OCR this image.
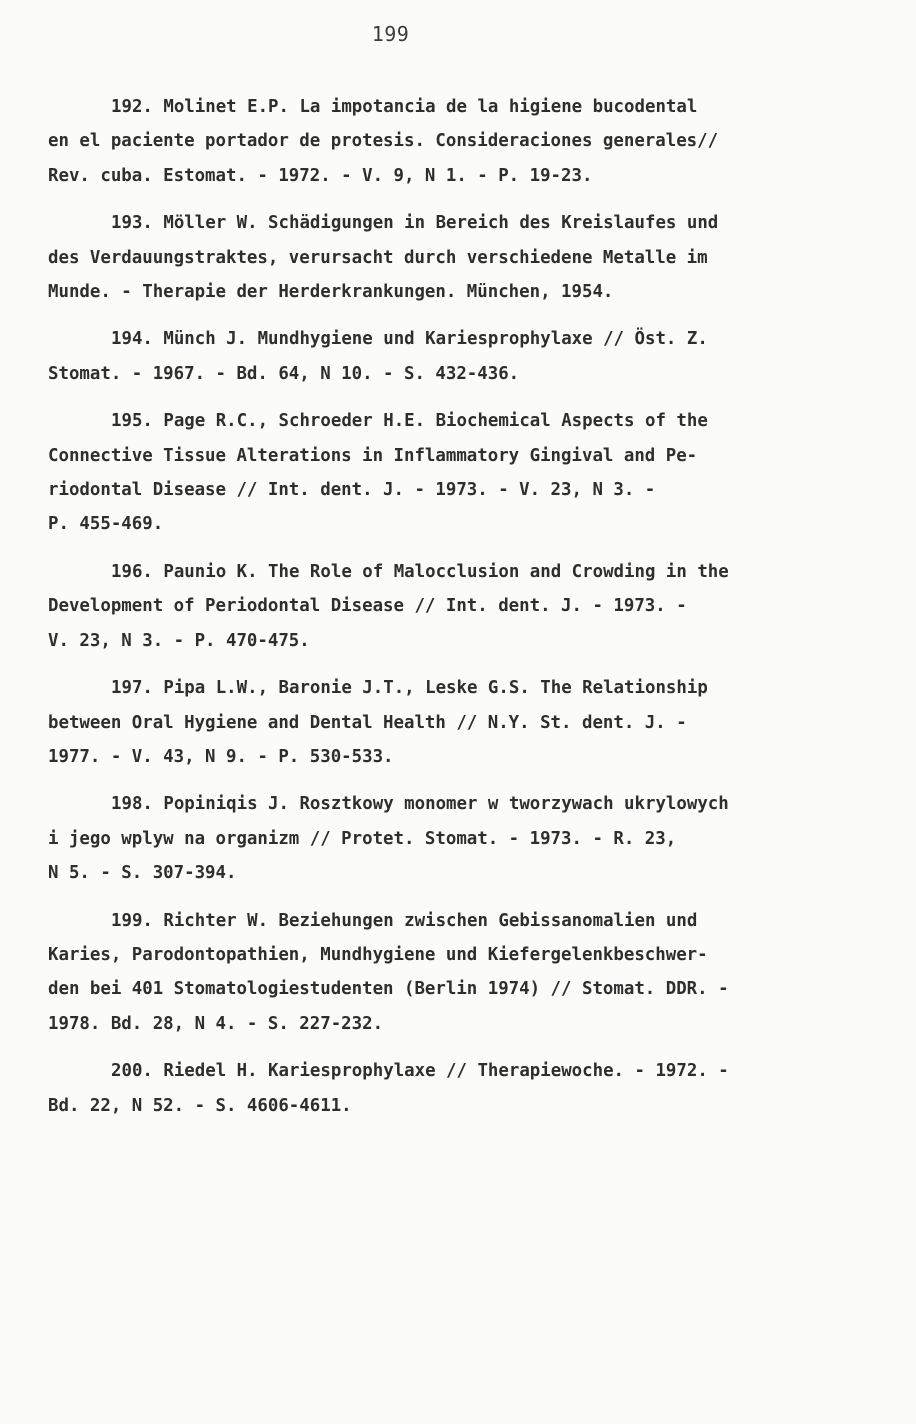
199

192. Molinet E.P. La impotancia de la higiene bucodental
en el paciente portador de protesis. Consideraciones generales//
Rev. cuba. Estomat. - 1972. - V. 9, N 1. - P. 19-23.

193. Möller W. Schädigungen in Bereich des Kreislaufes und
des Verdauungstraktes, verursacht durch verschiedene Metalle im
Munde. - Therapie der Herderkrankungen. München, 1954.

194. Münch J. Mundhygiene und Kariesprophylaxe // Öst. Z.
Stomat. - 1967. - Bd. 64, N 10. - S. 432-436.

195. Page R.C., Schroeder H.E. Biochemical Aspects of the
Connective Tissue Alterations in Inflammatory Gingival and Pe-
riodontal Disease // Int. dent. J. - 1973. - V. 23, N 3. -
P. 455-469.

196. Paunio K. The Role of Malocclusion and Crowding in the
Development of Periodontal Disease // Int. dent. J. - 1973. -
V. 23, N 3. - P. 470-475.

197. Pipa L.W., Baronie J.T., Leske G.S. The Relationship
between Oral Hygiene and Dental Health // N.Y. St. dent. J. -
1977. - V. 43, N 9. - P. 530-533.

198. Popiniqis J. Rosztkowy monomer w tworzywach ukrylowych
i jego wplyw na organizm // Protet. Stomat. - 1973. - R. 23,
N 5. - S. 307-394.

199. Richter W. Beziehungen zwischen Gebissanomalien und
Karies, Parodontopathien, Mundhygiene und Kiefergelenkbeschwer-
den bei 401 Stomatologiestudenten (Berlin 1974) // Stomat. DDR. -
1978. Bd. 28, N 4. - S. 227-232.

200. Riedel H. Kariesprophylaxe // Therapiewoche. - 1972. -
Bd. 22, N 52. - S. 4606-4611.
